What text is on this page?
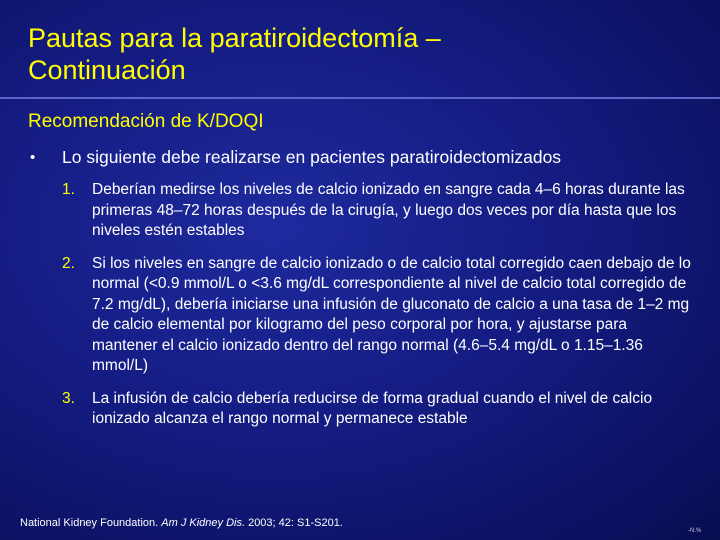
Pautas para la paratiroidectomía –
Continuación
Recomendación de K/DOQI
• Lo siguiente debe realizarse en pacientes paratiroidectomizados
1. Deberían medirse los niveles de calcio ionizado en sangre cada 4–6 horas durante las primeras 48–72 horas después de la cirugía, y luego dos veces por día hasta que los niveles estén estables
2. Si los niveles en sangre de calcio ionizado o de calcio total corregido caen debajo de lo normal (<0.9 mmol/L o <3.6 mg/dL correspondiente al nivel de calcio total corregido de 7.2 mg/dL), debería iniciarse una infusión de gluconato de calcio a una tasa de 1–2 mg de calcio elemental por kilogramo del peso corporal por hora, y ajustarse para mantener el calcio ionizado dentro del rango normal (4.6–5.4 mg/dL o 1.15–1.36 mmol/L)
3. La infusión de calcio debería reducirse de forma gradual cuando el nivel de calcio ionizado alcanza el rango normal y permanece estable
National Kidney Foundation. Am J Kidney Dis. 2003; 42: S1-S201.
-N.%
